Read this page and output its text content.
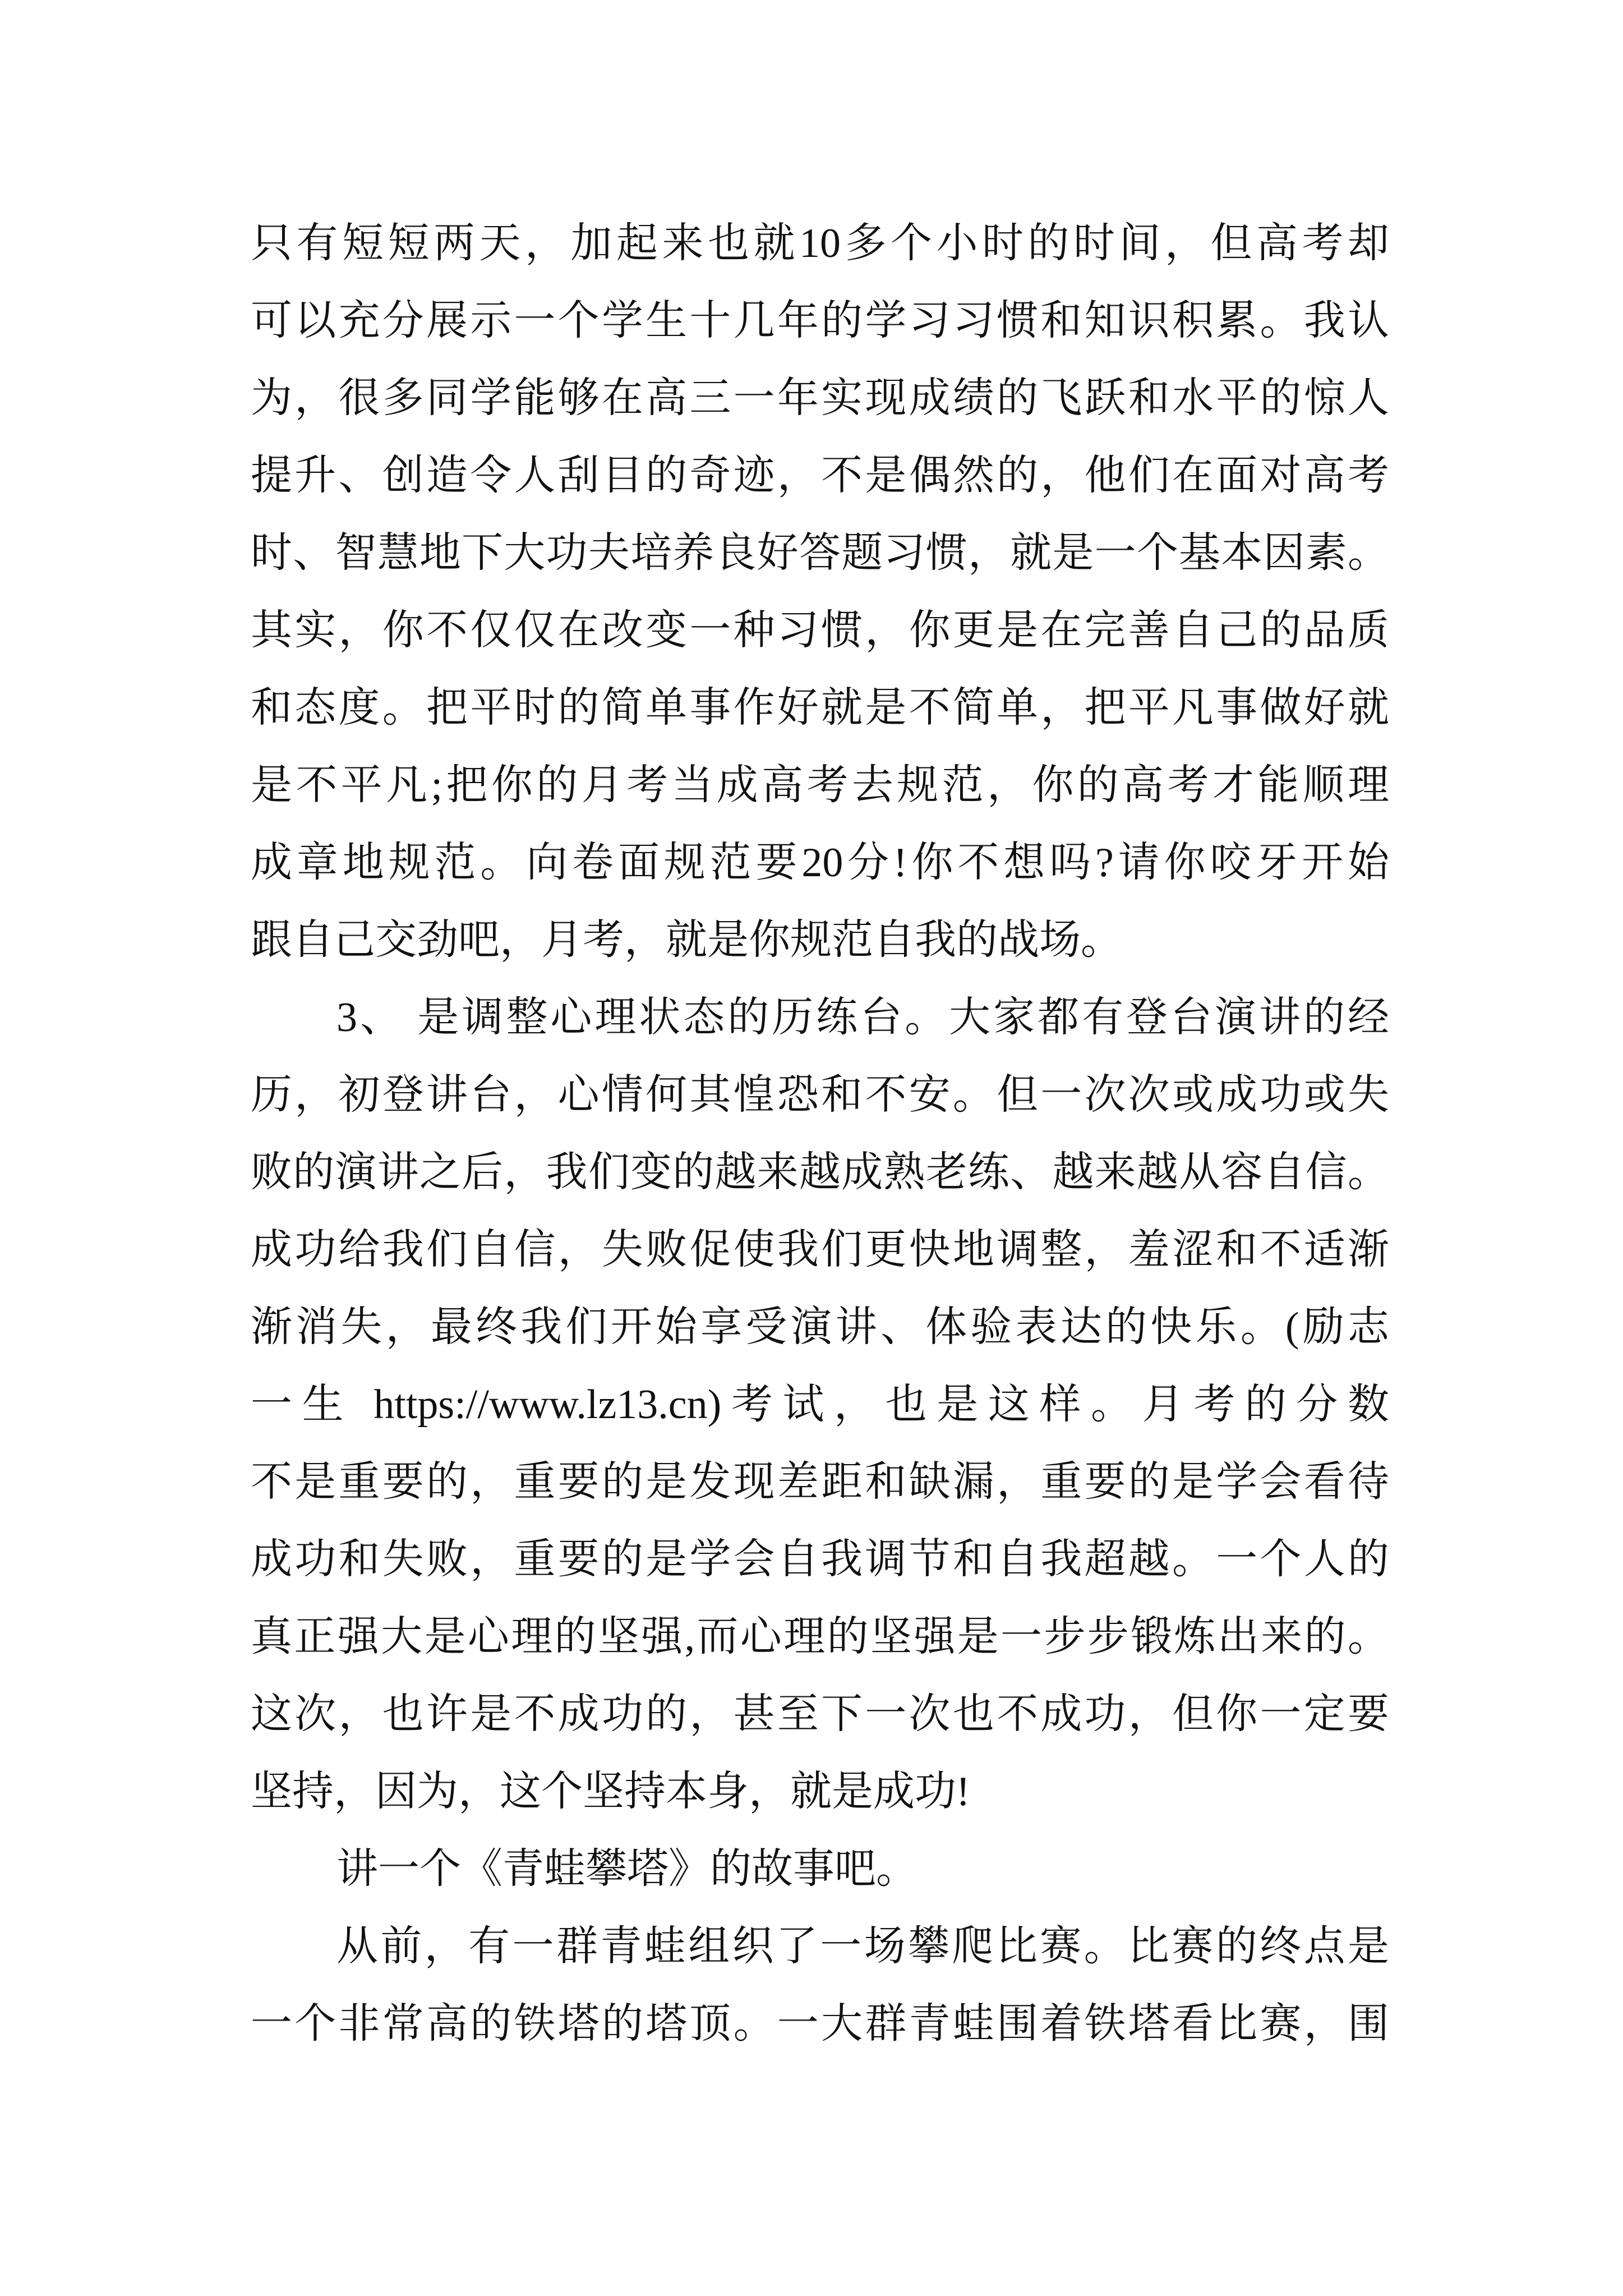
只有短短两天，加起来也就10多个小时的时间，但高考却
可以充分展示一个学生十几年的学习习惯和知识积累。我认
为，很多同学能够在高三一年实现成绩的飞跃和水平的惊人
提升、创造令人刮目的奇迹，不是偶然的，他们在面对高考
时、智慧地下大功夫培养良好答题习惯，就是一个基本因素。
其实，你不仅仅在改变一种习惯，你更是在完善自己的品质
和态度。把平时的简单事作好就是不简单，把平凡事做好就
是不平凡;把你的月考当成高考去规范，你的高考才能顺理
成章地规范。向卷面规范要20分!你不想吗?请你咬牙开始
跟自己交劲吧，月考，就是你规范自我的战场。
3、 是调整心理状态的历练台。大家都有登台演讲的经
历，初登讲台，心情何其惶恐和不安。但一次次或成功或失
败的演讲之后，我们变的越来越成熟老练、越来越从容自信。
成功给我们自信，失败促使我们更快地调整，羞涩和不适渐
渐消失，最终我们开始享受演讲、体验表达的快乐。(励志
一生 https://www.lz13.cn)考试，也是这样。月考的分数
不是重要的，重要的是发现差距和缺漏，重要的是学会看待
成功和失败，重要的是学会自我调节和自我超越。一个人的
真正强大是心理的坚强,而心理的坚强是一步步锻炼出来的。
这次，也许是不成功的，甚至下一次也不成功，但你一定要
坚持，因为，这个坚持本身，就是成功!
讲一个《青蛙攀塔》的故事吧。
从前，有一群青蛙组织了一场攀爬比赛。比赛的终点是
一个非常高的铁塔的塔顶。一大群青蛙围着铁塔看比赛，围
